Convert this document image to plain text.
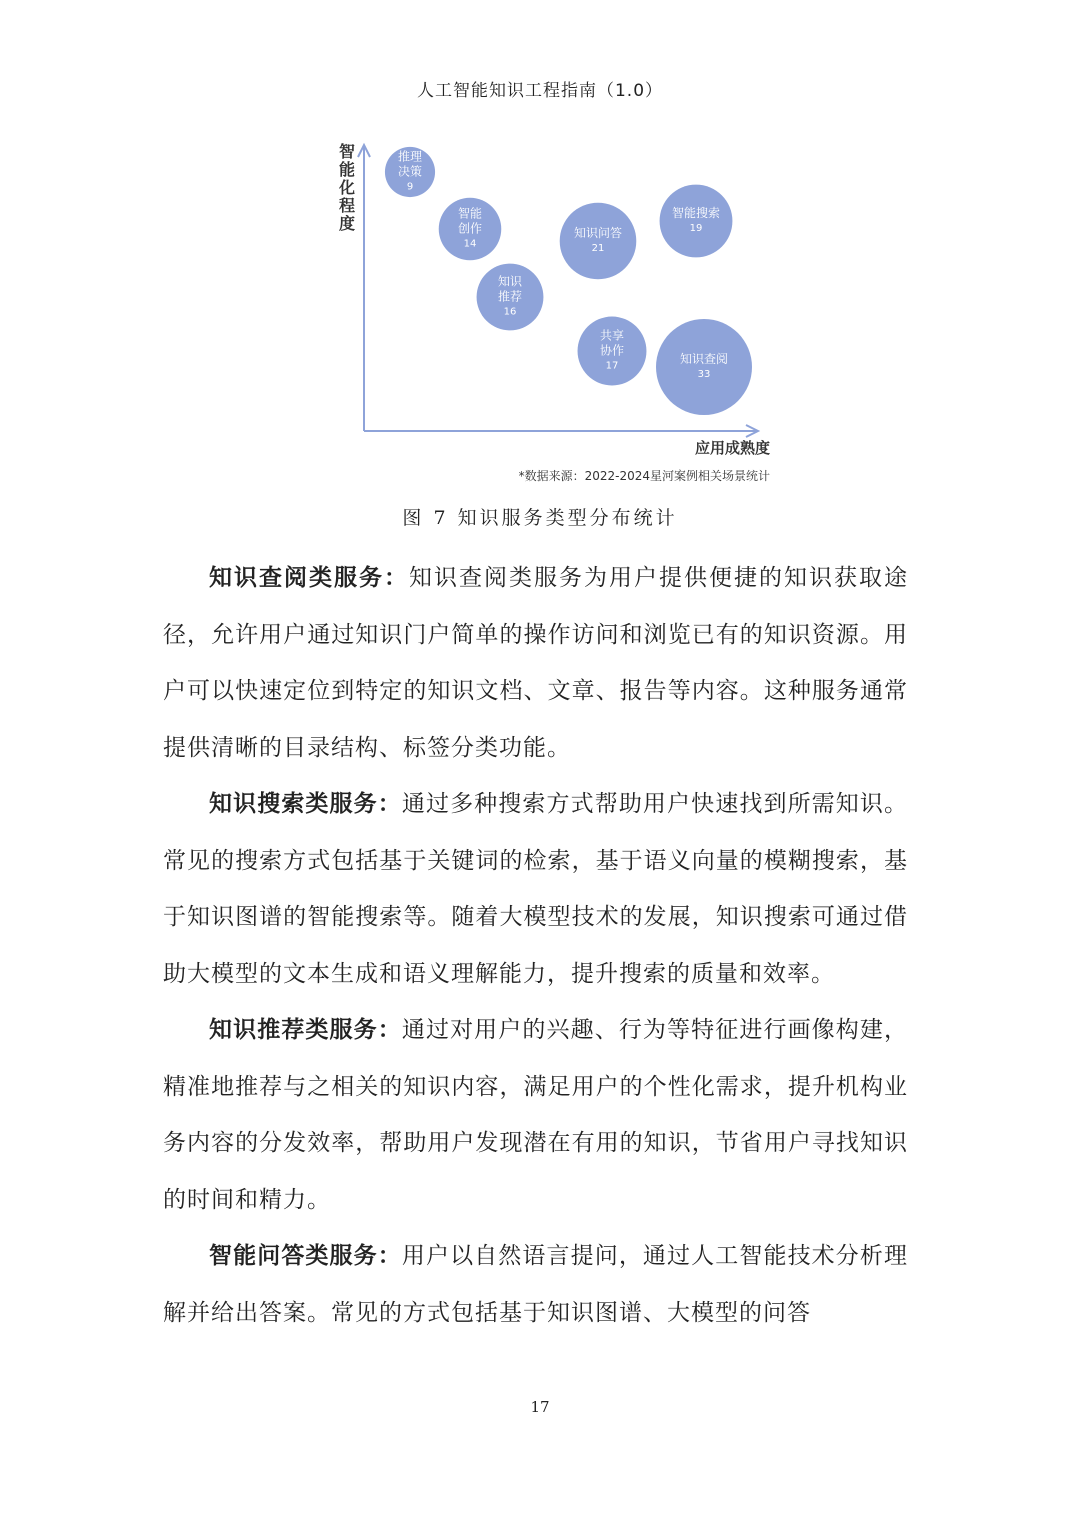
人工智能知识工程指南（1.0）
智能化程度
应用成熟度
*数据来源：2022-2024星河案例相关场景统计
推理
决策
9
智能
创作
14
知识
推荐
16
知识问答
21
智能搜索
19
共享
协作
17	知识查阅
33
图 7 知识服务类型分布统计

知识查阅类服务：知识查阅类服务为用户提供便捷的知识获取途径，允许用户通过知识门户简单的操作访问和浏览已有的知识资源。用户可以快速定位到特定的知识文档、文章、报告等内容。这种服务通常提供清晰的目录结构、标签分类功能。

知识搜索类服务：通过多种搜索方式帮助用户快速找到所需知识。常见的搜索方式包括基于关键词的检索，基于语义向量的模糊搜索，基于知识图谱的智能搜索等。随着大模型技术的发展，知识搜索可通过借助大模型的文本生成和语义理解能力，提升搜索的质量和效率。

知识推荐类服务：通过对用户的兴趣、行为等特征进行画像构建，精准地推荐与之相关的知识内容，满足用户的个性化需求，提升机构业务内容的分发效率，帮助用户发现潜在有用的知识，节省用户寻找知识的时间和精力。

智能问答类服务：用户以自然语言提问，通过人工智能技术分析理解并给出答案。常见的方式包括基于知识图谱、大模型的问答

17
